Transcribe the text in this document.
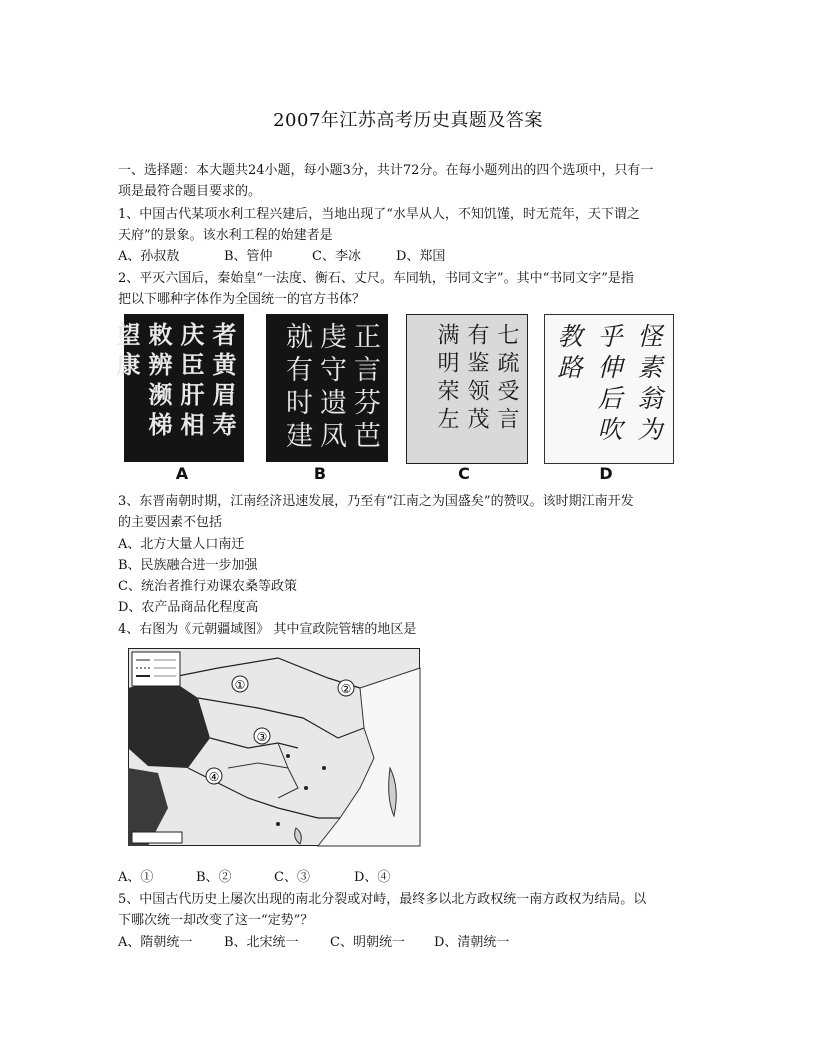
2007年江苏高考历史真题及答案
一、选择题：本大题共24小题，每小题3分，共计72分。在每小题列出的四个选项中，只有一
项是最符合题目要求的。
1、中国古代某项水利工程兴建后，当地出现了“水旱从人，不知饥馑，时无荒年，天下谓之
天府”的景象。该水利工程的始建者是
A、孙叔敖	B、管仲	C、李冰	D、郑国
2、平灭六国后，秦始皇“一法度、衡石、丈尺。车同轨，书同文字”。其中“书同文字”是指
把以下哪种字体作为全国统一的官方书体？
者黄眉寿庆臣肝相敕辨濒梯望康	正言芬芭虔守遗凤就有时建	七疏受言有鉴领茂满明荣左	怪素翁为乎伸后吹教路
A	B	C	D
3、东晋南朝时期，江南经济迅速发展，乃至有“江南之为国盛矣”的赞叹。该时期江南开发
的主要因素不包括
A、北方大量人口南迁
B、民族融合进一步加强
C、统治者推行劝课农桑等政策
D、农产品商品化程度高
4、右图为《元朝疆域图》 其中宣政院管辖的地区是
①	②
③
④
A、①	B、②	C、③	D、④
5、中国古代历史上屡次出现的南北分裂或对峙，最终多以北方政权统一南方政权为结局。以
下哪次统一却改变了这一“定势”？
A、隋朝统一 B、北宋统一 C、明朝统一 D、清朝统一
